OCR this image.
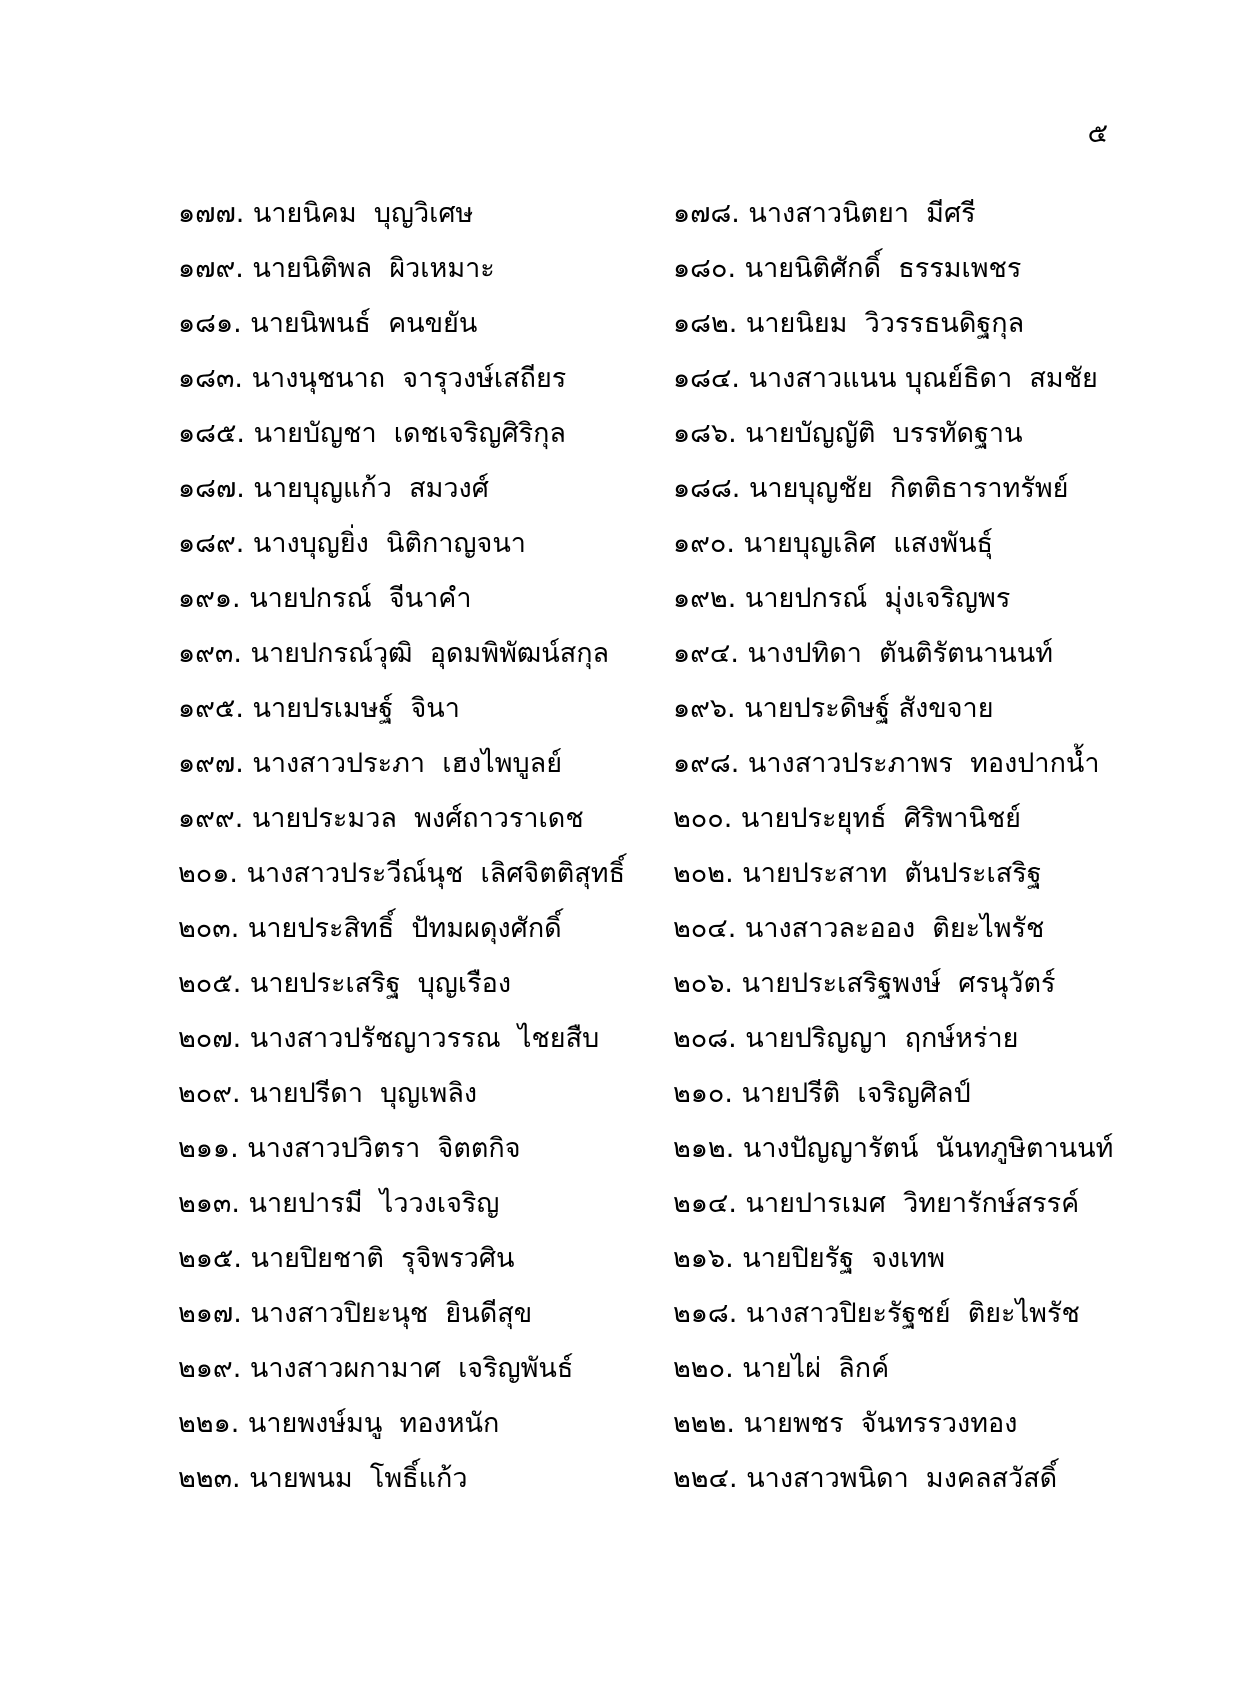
๕
๑๗๗. นายนิคม  บุญวิเศษ	๑๗๘. นางสาวนิตยา  มีศรี
๑๗๙. นายนิติพล  ผิวเหมาะ	๑๘๐. นายนิติศักดิ์  ธรรมเพชร
๑๘๑. นายนิพนธ์  คนขยัน	๑๘๒. นายนิยม  วิวรรธนดิฐกุล
๑๘๓. นางนุชนาถ  จารุวงษ์เสถียร	๑๘๔. นางสาวแนน บุณย์ธิดา  สมชัย
๑๘๕. นายบัญชา  เดชเจริญศิริกุล	๑๘๖. นายบัญญัติ  บรรทัดฐาน
๑๘๗. นายบุญแก้ว  สมวงศ์	๑๘๘. นายบุญชัย  กิตติธาราทรัพย์
๑๘๙. นางบุญยิ่ง  นิติกาญจนา	๑๙๐. นายบุญเลิศ  แสงพันธุ์
๑๙๑. นายปกรณ์  จีนาคำ	๑๙๒. นายปกรณ์  มุ่งเจริญพร
๑๙๓. นายปกรณ์วุฒิ  อุดมพิพัฒน์สกุล ๑๙๔. นางปทิดา  ตันติรัตนานนท์
๑๙๕. นายปรเมษฐ์  จินา	๑๙๖. นายประดิษฐ์ สังขจาย
๑๙๗. นางสาวประภา  เฮงไพบูลย์	๑๙๘. นางสาวประภาพร  ทองปากน้ำ
๑๙๙. นายประมวล  พงศ์ถาวราเดช	๒๐๐. นายประยุทธ์  ศิริพานิชย์
๒๐๑. นางสาวประวีณ์นุช  เลิศจิตติสุทธิ์ ๒๐๒. นายประสาท  ตันประเสริฐ
๒๐๓. นายประสิทธิ์  ปัทมผดุงศักดิ์	๒๐๔. นางสาวละออง  ติยะไพรัช
๒๐๕. นายประเสริฐ  บุญเรือง	๒๐๖. นายประเสริฐพงษ์  ศรนุวัตร์
๒๐๗. นางสาวปรัชญาวรรณ  ไชยสืบ	๒๐๘. นายปริญญา  ฤกษ์หร่าย
๒๐๙. นายปรีดา  บุญเพลิง	๒๑๐. นายปรีติ  เจริญศิลป์
๒๑๑. นางสาวปวิตรา  จิตตกิจ	๒๑๒. นางปัญญารัตน์  นันทภูษิตานนท์
๒๑๓. นายปารมี  ไววงเจริญ	๒๑๔. นายปารเมศ  วิทยารักษ์สรรค์
๒๑๕. นายปิยชาติ  รุจิพรวศิน	๒๑๖. นายปิยรัฐ  จงเทพ
๒๑๗. นางสาวปิยะนุช  ยินดีสุข	๒๑๘. นางสาวปิยะรัฐชย์  ติยะไพรัช
๒๑๙. นางสาวผกามาศ  เจริญพันธ์	๒๒๐. นายไผ่  ลิกค์
๒๒๑. นายพงษ์มนู  ทองหนัก	๒๒๒. นายพชร  จันทรรวงทอง
๒๒๓. นายพนม  โพธิ์แก้ว	๒๒๔. นางสาวพนิดา  มงคลสวัสดิ์
